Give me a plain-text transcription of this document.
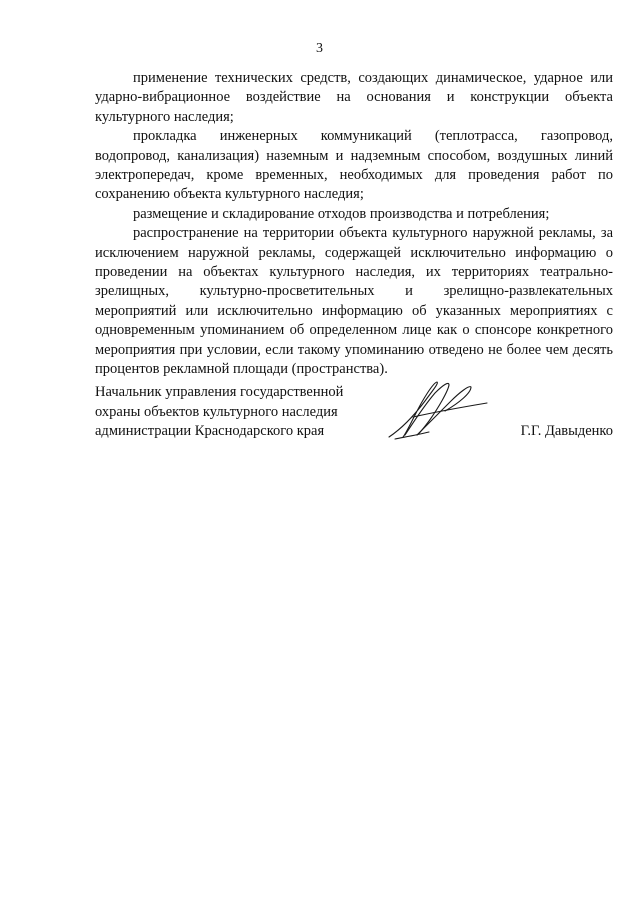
3

применение технических средств, создающих динамическое, ударное или ударно-вибрационное воздействие на основания и конструкции объекта культурного наследия;

прокладка инженерных коммуникаций (теплотрасса, газопровод, водопровод, канализация) наземным и надземным способом, воздушных линий электропередач, кроме временных, необходимых для проведения работ по сохранению объекта культурного наследия;

размещение и складирование отходов производства и потребления;

распространение на территории объекта культурного наружной рекламы, за исключением наружной рекламы, содержащей исключительно информацию о проведении на объектах культурного наследия, их территориях театрально-зрелищных, культурно-просветительных и зрелищно-развлекательных мероприятий или исключительно информацию об указанных мероприятиях с одновременным упоминанием об определенном лице как о спонсоре конкретного мероприятия при условии, если такому упоминанию отведено не более чем десять процентов рекламной площади (пространства).

Начальник управления государственной
охраны объектов культурного наследия
администрации Краснодарского края	Г.Г. Давыденко
